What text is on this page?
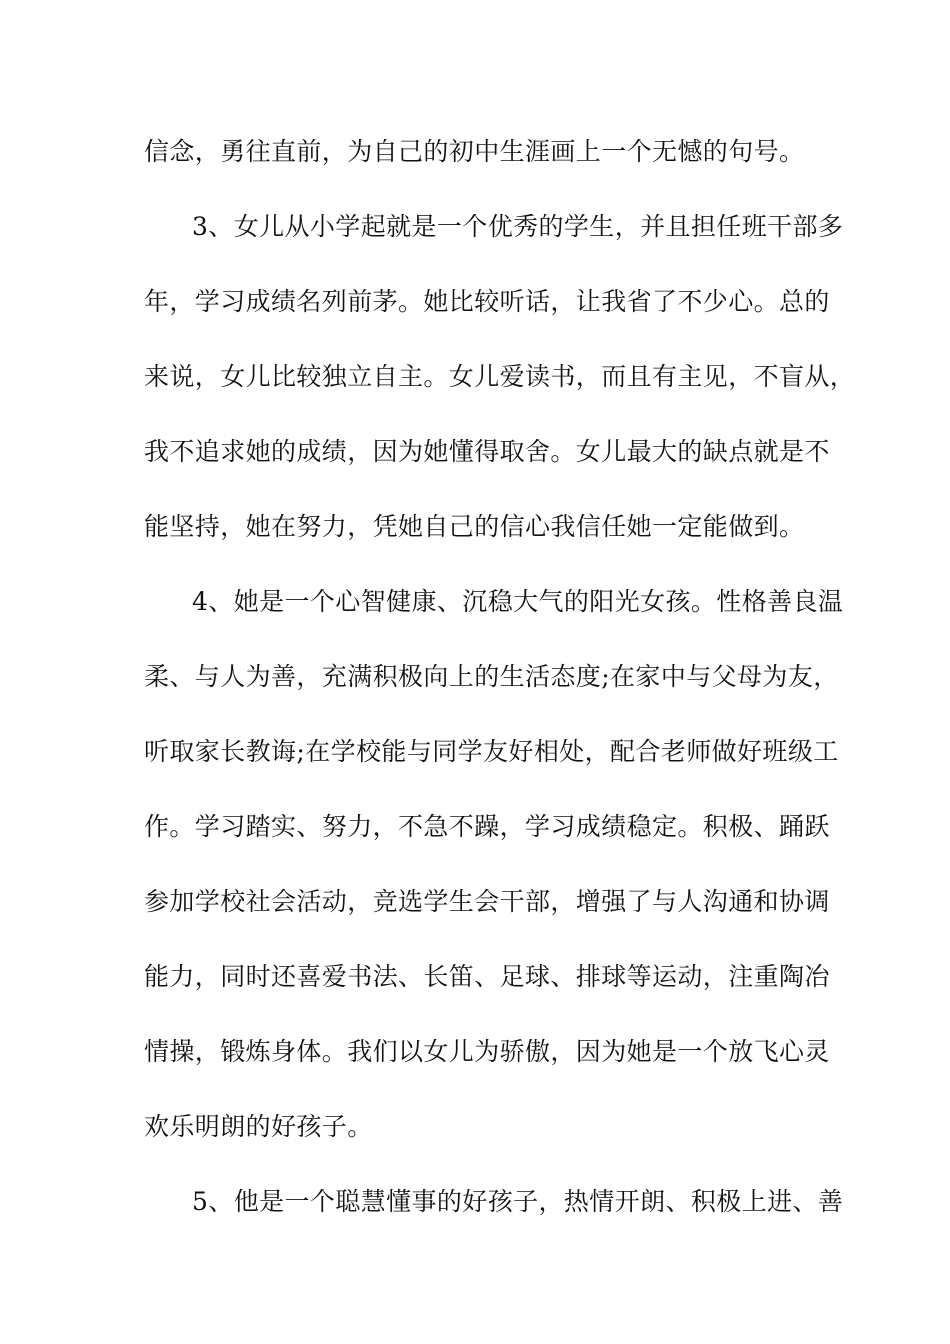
信念，勇往直前，为自己的初中生涯画上一个无憾的句号。
3、女儿从小学起就是一个优秀的学生，并且担任班干部多
年，学习成绩名列前茅。她比较听话，让我省了不少心。总的
来说，女儿比较独立自主。女儿爱读书，而且有主见，不盲从，
我不追求她的成绩，因为她懂得取舍。女儿最大的缺点就是不
能坚持，她在努力，凭她自己的信心我信任她一定能做到。
4、她是一个心智健康、沉稳大气的阳光女孩。性格善良温
柔、与人为善，充满积极向上的生活态度;在家中与父母为友，
听取家长教诲;在学校能与同学友好相处，配合老师做好班级工
作。学习踏实、努力，不急不躁，学习成绩稳定。积极、踊跃
参加学校社会活动，竞选学生会干部，增强了与人沟通和协调
能力，同时还喜爱书法、长笛、足球、排球等运动，注重陶冶
情操，锻炼身体。我们以女儿为骄傲，因为她是一个放飞心灵
欢乐明朗的好孩子。
5、他是一个聪慧懂事的好孩子，热情开朗、积极上进、善
